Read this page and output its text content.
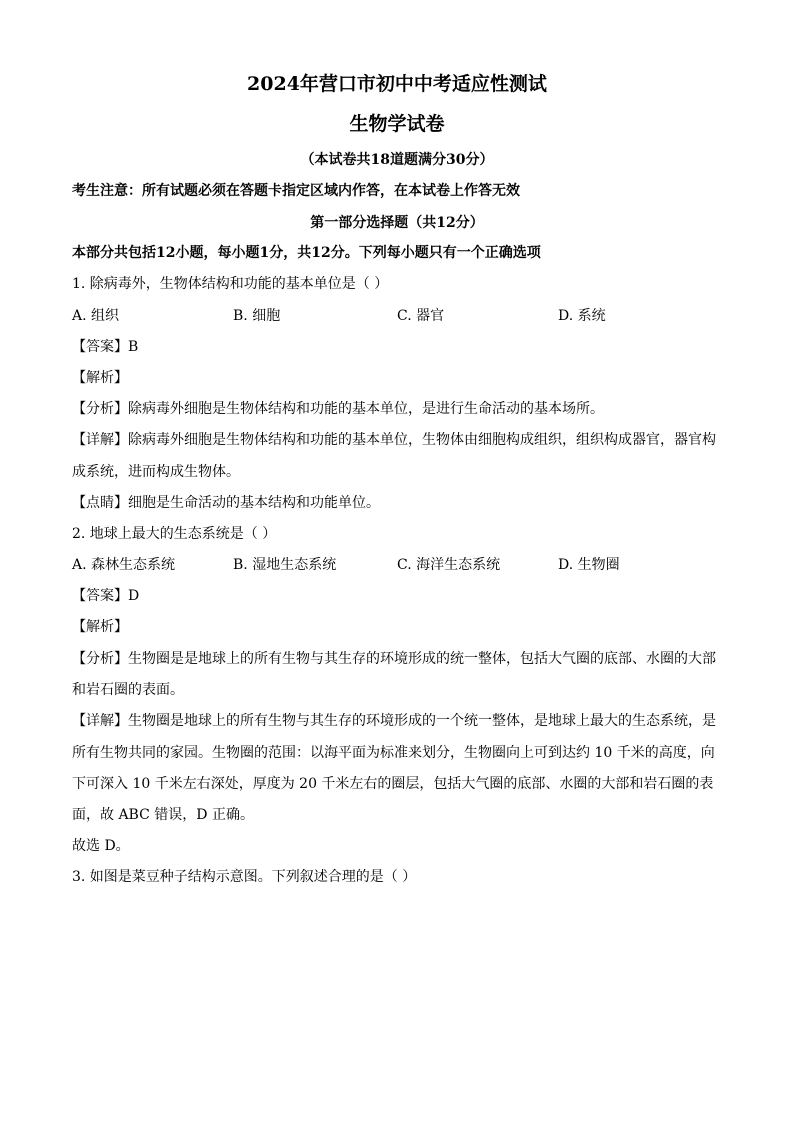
2024年营口市初中中考适应性测试
生物学试卷
（本试卷共18道题满分30分）
考生注意：所有试题必须在答题卡指定区域内作答，在本试卷上作答无效
第一部分选择题（共12分）
本部分共包括12小题，每小题1分，共12分。下列每小题只有一个正确选项
1. 除病毒外，生物体结构和功能的基本单位是（ ）
A. 组织	B. 细胞	C. 器官	D. 系统
【答案】B
【解析】
【分析】除病毒外细胞是生物体结构和功能的基本单位，是进行生命活动的基本场所。
【详解】除病毒外细胞是生物体结构和功能的基本单位，生物体由细胞构成组织，组织构成器官，器官构
成系统，进而构成生物体。
【点睛】细胞是生命活动的基本结构和功能单位。
2. 地球上最大的生态系统是（ ）
A. 森林生态系统	B. 湿地生态系统	C. 海洋生态系统	D. 生物圈
【答案】D
【解析】
【分析】生物圈是是地球上的所有生物与其生存的环境形成的统一整体，包括大气圈的底部、水圈的大部
和岩石圈的表面。
【详解】生物圈是地球上的所有生物与其生存的环境形成的一个统一整体，是地球上最大的生态系统，是
所有生物共同的家园。生物圈的范围：以海平面为标准来划分，生物圈向上可到达约 10 千米的高度，向
下可深入 10 千米左右深处，厚度为 20 千米左右的圈层，包括大气圈的底部、水圈的大部和岩石圈的表
面，故 ABC 错误，D 正确。
故选 D。
3. 如图是菜豆种子结构示意图。下列叙述合理的是（ ）
